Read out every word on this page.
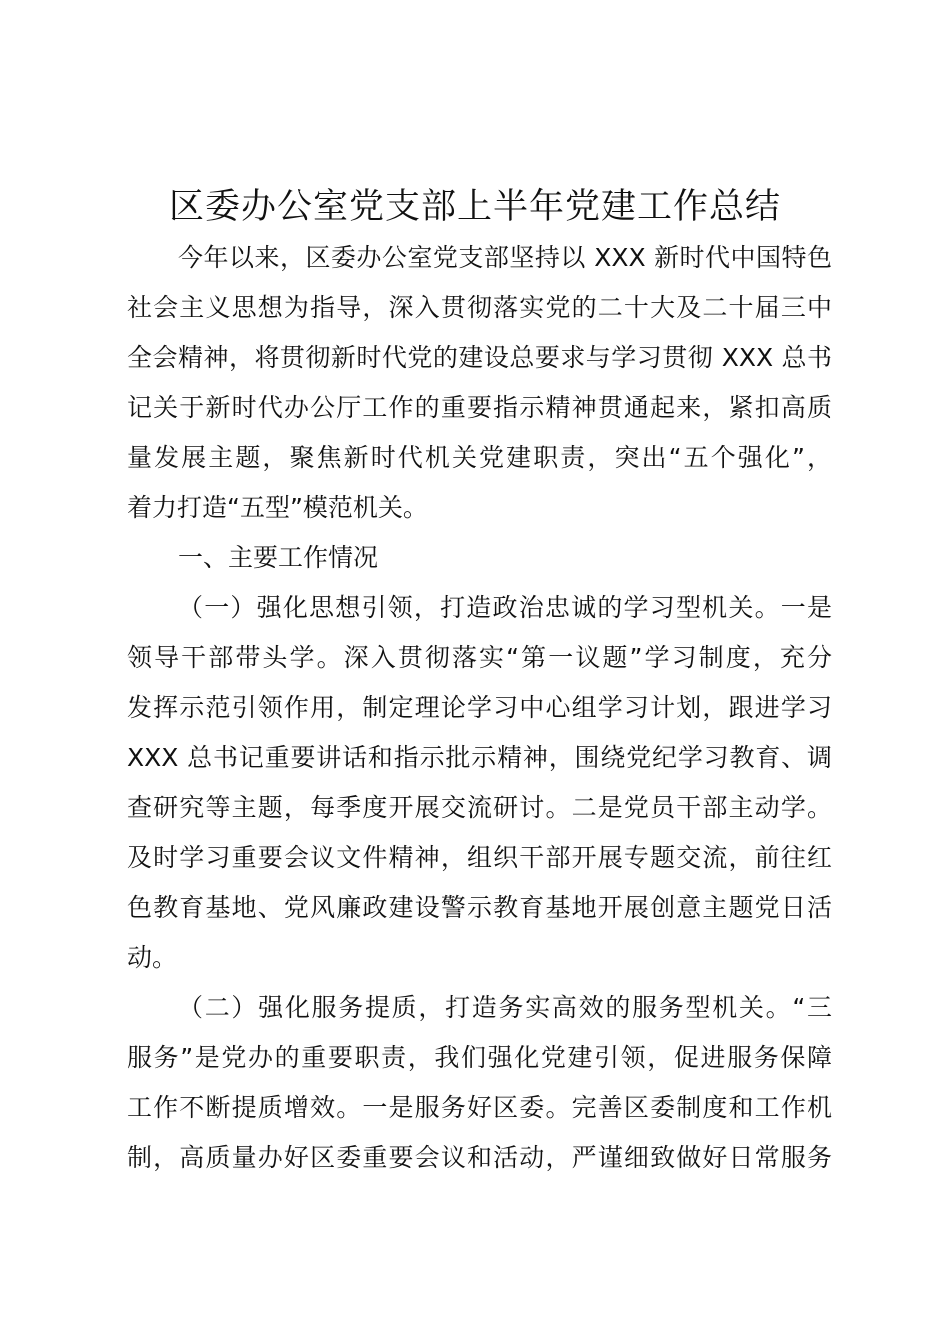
区委办公室党支部上半年党建工作总结
今年以来，区委办公室党支部坚持以 XXX 新时代中国特色
社会主义思想为指导，深入贯彻落实党的二十大及二十届三中
全会精神，将贯彻新时代党的建设总要求与学习贯彻 XXX 总书
记关于新时代办公厅工作的重要指示精神贯通起来，紧扣高质
量发展主题，聚焦新时代机关党建职责，突出“五个强化”，
着力打造“五型”模范机关。
一、主要工作情况
（一）强化思想引领，打造政治忠诚的学习型机关。一是
领导干部带头学。深入贯彻落实“第一议题”学习制度，充分
发挥示范引领作用，制定理论学习中心组学习计划，跟进学习
XXX 总书记重要讲话和指示批示精神，围绕党纪学习教育、调
查研究等主题，每季度开展交流研讨。二是党员干部主动学。
及时学习重要会议文件精神，组织干部开展专题交流，前往红
色教育基地、党风廉政建设警示教育基地开展创意主题党日活
动。
（二）强化服务提质，打造务实高效的服务型机关。“三
服务”是党办的重要职责，我们强化党建引领，促进服务保障
工作不断提质增效。一是服务好区委。完善区委制度和工作机
制，高质量办好区委重要会议和活动，严谨细致做好日常服务
